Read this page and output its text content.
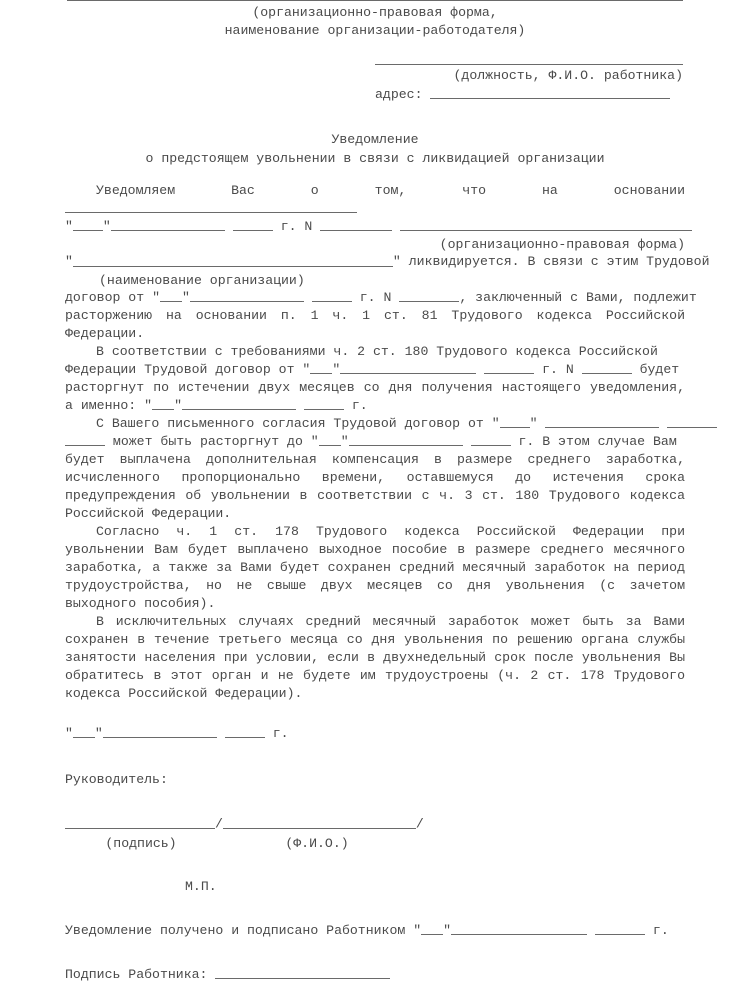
(организационно-правовая форма,
наименование организации-работодателя)
(должность, Ф.И.О. работника)
адрес:
Уведомление
о предстоящем увольнении в связи с ликвидацией организации

Уведомляем Вас о том, что на основании

" "	г. N

(организационно-правовая форма)

"	" ликвидируется. В связи с этим Трудовой

(наименование организации)

договор от " "	г. N	, заключенный с Вами, подлежит

расторжению на основании п. 1 ч. 1 ст. 81 Трудового кодекса Российской Федерации.

В соответствии с требованиями ч. 2 ст. 180 Трудового кодекса Российской

Федерации Трудовой договор от " "	г. N	будет

расторгнут по истечении двух месяцев со дня получения настоящего уведомления, а именно: " "	г.

С Вашего письменного согласия Трудовой договор от " "

может быть расторгнут до " "	г. В этом случае Вам

будет выплачена дополнительная компенсация в размере среднего заработка, исчисленного пропорционально времени, оставшемуся до истечения срока предупреждения об увольнении в соответствии с ч. 3 ст. 180 Трудового кодекса Российской Федерации.

Согласно ч. 1 ст. 178 Трудового кодекса Российской Федерации при увольнении Вам будет выплачено выходное пособие в размере среднего месячного заработка, а также за Вами будет сохранен средний месячный заработок на период трудоустройства, но не свыше двух месяцев со дня увольнения (с зачетом выходного пособия).

В исключительных случаях средний месячный заработок может быть за Вами сохранен в течение третьего месяца со дня увольнения по решению органа службы занятости населения при условии, если в двухнедельный срок после увольнения Вы обратитесь в этот орган и не будете им трудоустроены (ч. 2 ст. 178 Трудового кодекса Российской Федерации).

" "	г.

Руководитель:

/	/

(подпись)	(Ф.И.О.)

М.П.

Уведомление получено и подписано Работником " "	г.

Подпись Работника:
